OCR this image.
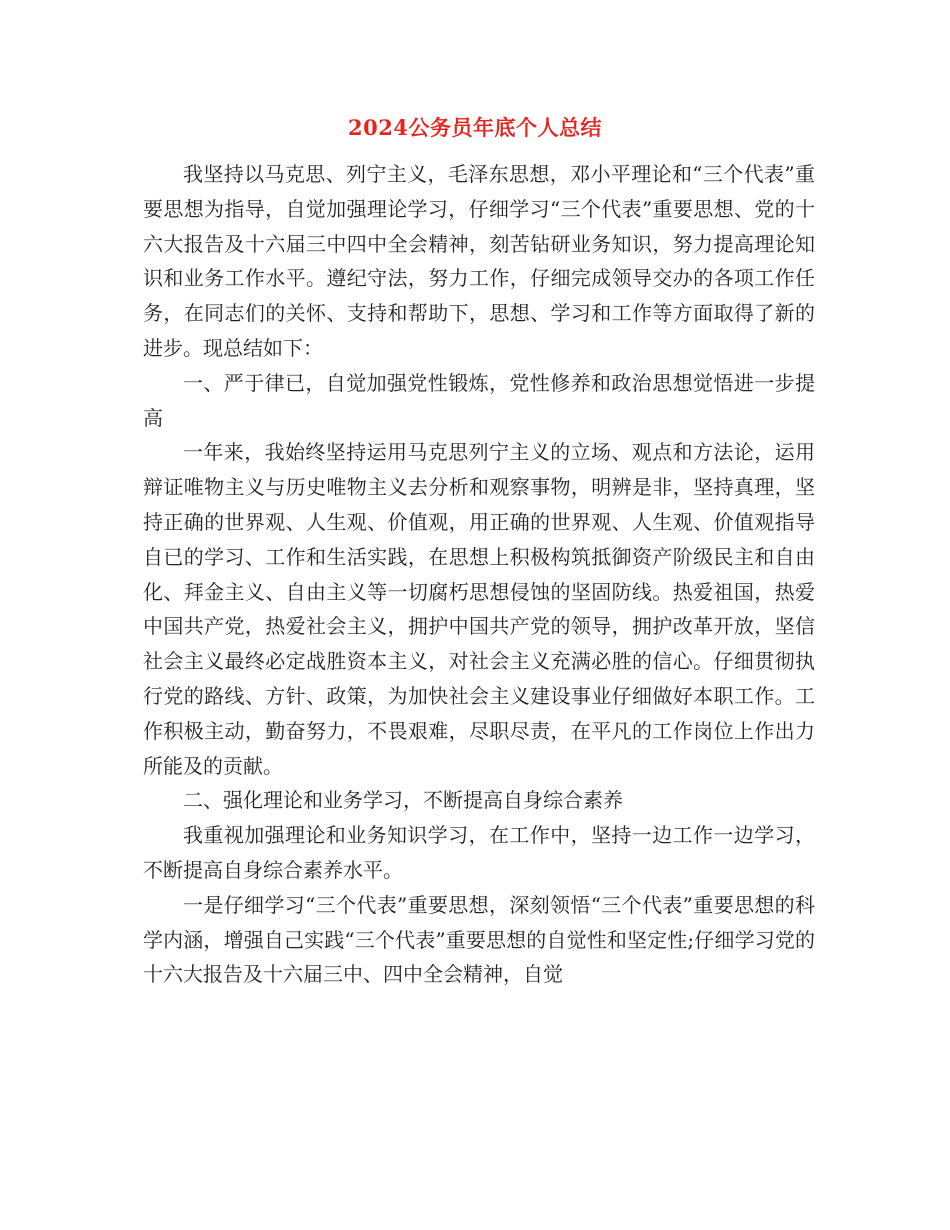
2024公务员年底个人总结

我坚持以马克思、列宁主义，毛泽东思想，邓小平理论和“三个代表”重要思想为指导，自觉加强理论学习，仔细学习“三个代表”重要思想、党的十六大报告及十六届三中四中全会精神，刻苦钻研业务知识，努力提高理论知识和业务工作水平。遵纪守法，努力工作，仔细完成领导交办的各项工作任务，在同志们的关怀、支持和帮助下，思想、学习和工作等方面取得了新的进步。现总结如下：

一、严于律已，自觉加强党性锻炼，党性修养和政治思想觉悟进一步提高

一年来，我始终坚持运用马克思列宁主义的立场、观点和方法论，运用辩证唯物主义与历史唯物主义去分析和观察事物，明辨是非，坚持真理，坚持正确的世界观、人生观、价值观，用正确的世界观、人生观、价值观指导自已的学习、工作和生活实践，在思想上积极构筑抵御资产阶级民主和自由化、拜金主义、自由主义等一切腐朽思想侵蚀的坚固防线。热爱祖国，热爱中国共产党，热爱社会主义，拥护中国共产党的领导，拥护改革开放，坚信社会主义最终必定战胜资本主义，对社会主义充满必胜的信心。仔细贯彻执行党的路线、方针、政策，为加快社会主义建设事业仔细做好本职工作。工作积极主动，勤奋努力，不畏艰难，尽职尽责，在平凡的工作岗位上作出力所能及的贡献。

二、强化理论和业务学习，不断提高自身综合素养

我重视加强理论和业务知识学习，在工作中，坚持一边工作一边学习，不断提高自身综合素养水平。

一是仔细学习“三个代表”重要思想，深刻领悟“三个代表”重要思想的科学内涵，增强自己实践“三个代表”重要思想的自觉性和坚定性;仔细学习党的十六大报告及十六届三中、四中全会精神，自觉
